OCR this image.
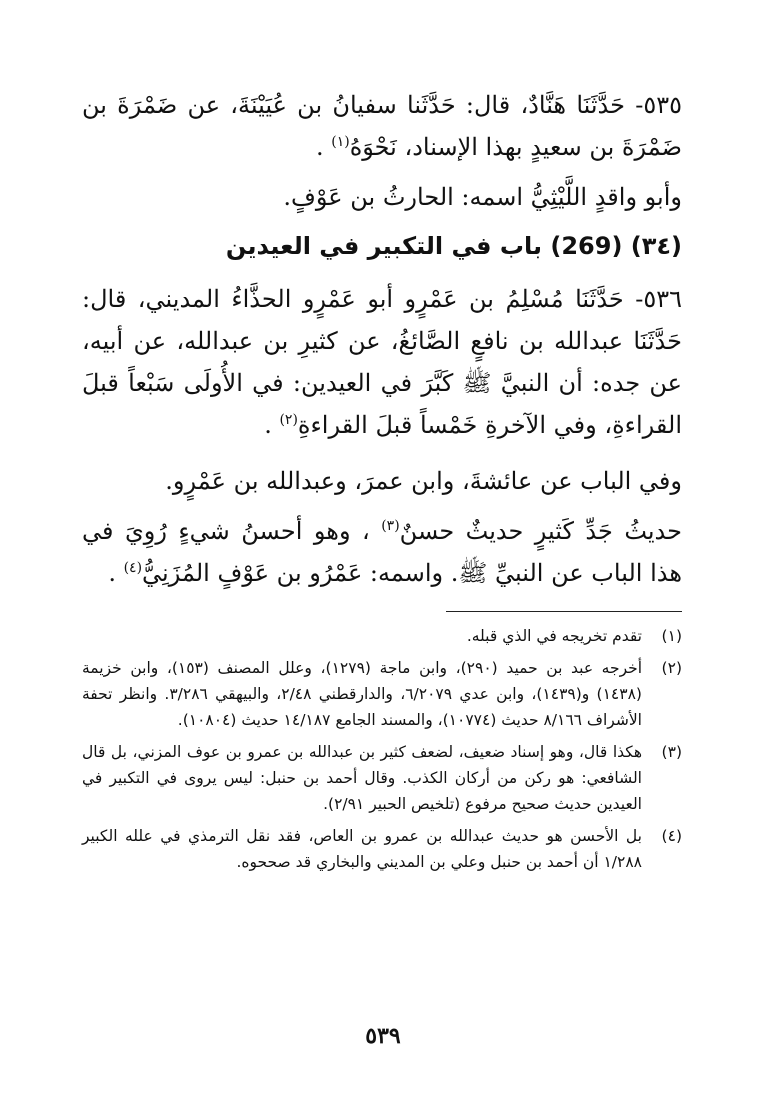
٥٣٥- حَدَّثَنَا هَنَّادٌ، قال: حَدَّثَنا سفيانُ بن عُيَيْنَةَ، عن ضَمْرَةَ بن ضَمْرَةَ بن سعيدٍ بهذا الإسناد، نَحْوَهُ$^{(١)}$ .

وأبو واقدٍ اللَّيْثِيُّ اسمه: الحارثُ بن عَوْفٍ.

(٣٤) (269) باب في التكبير في العيدين

٥٣٦- حَدَّثَنَا مُسْلِمُ بن عَمْرٍو أبو عَمْرٍو الحذَّاءُ المديني، قال: حَدَّثَنَا عبدالله بن نافعٍ الصَّائغُ، عن كثيرِ بن عبدالله، عن أبيه، عن جده: أن النبيَّ ﷺ كَبَّرَ في العيدين: في الأُولَى سَبْعاً قبلَ القراءةِ، وفي الآخرةِ خَمْساً قبلَ القراءةِ$^{(٢)}$ .

وفي الباب عن عائشةَ، وابن عمرَ، وعبدالله بن عَمْرٍو.

حديثُ جَدِّ كَثيرٍ حديثٌ حسنٌ$^{(٣)}$ ، وهو أحسنُ شيءٍ رُوِيَ في هذا الباب عن النبيِّ ﷺ. واسمه: عَمْرُو بن عَوْفٍ المُزَنِيُّ$^{(٤)}$ .

(١)
تقدم تخريجه في الذي قبله.
(٢)
أخرجه عبد بن حميد (٢٩٠)، وابن ماجة (١٢٧٩)، وعلل المصنف (١٥٣)، وابن خزيمة (١٤٣٨) و(١٤٣٩)، وابن عدي ٦/٢٠٧٩، والدارقطني ٢/٤٨، والبيهقي ٣/٢٨٦. وانظر تحفة الأشراف ٨/١٦٦ حديث (١٠٧٧٤)، والمسند الجامع ١٤/١٨٧ حديث (١٠٨٠٤).
(٣)
هكذا قال، وهو إسناد ضعيف، لضعف كثير بن عبدالله بن عمرو بن عوف المزني، بل قال الشافعي: هو ركن من أركان الكذب. وقال أحمد بن حنبل: ليس يروى في التكبير في العيدين حديث صحيح مرفوع (تلخيص الحبير ٢/٩١).
(٤)
بل الأحسن هو حديث عبدالله بن عمرو بن العاص، فقد نقل الترمذي في علله الكبير ١/٢٨٨ أن أحمد بن حنبل وعلي بن المديني والبخاري قد صححوه.
٥٣٩
